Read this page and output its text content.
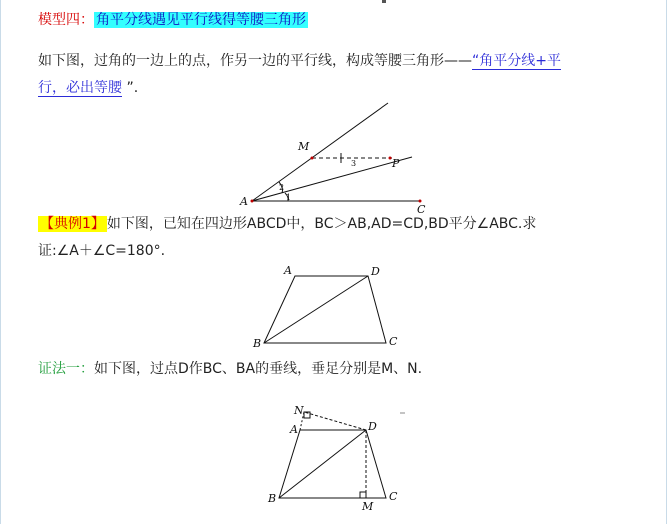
模型四： 角平分线遇见平行线得等腰三角形
如下图，过角的一边上的点，作另一边的平行线，构成等腰三角形——“角平分线+平
行，必出等腰 ”.
【典例1】 如下图，已知在四边形ABCD中，BC＞AB,AD=CD,BD平分∠ABC.求
证:∠A＋∠C=180°.
证法一：如下图，过点D作BC、BA的垂线，垂足分别是M、N.
M
P
A
C
1
2
3
A	D
B	C
N
A	D
B	C
M
